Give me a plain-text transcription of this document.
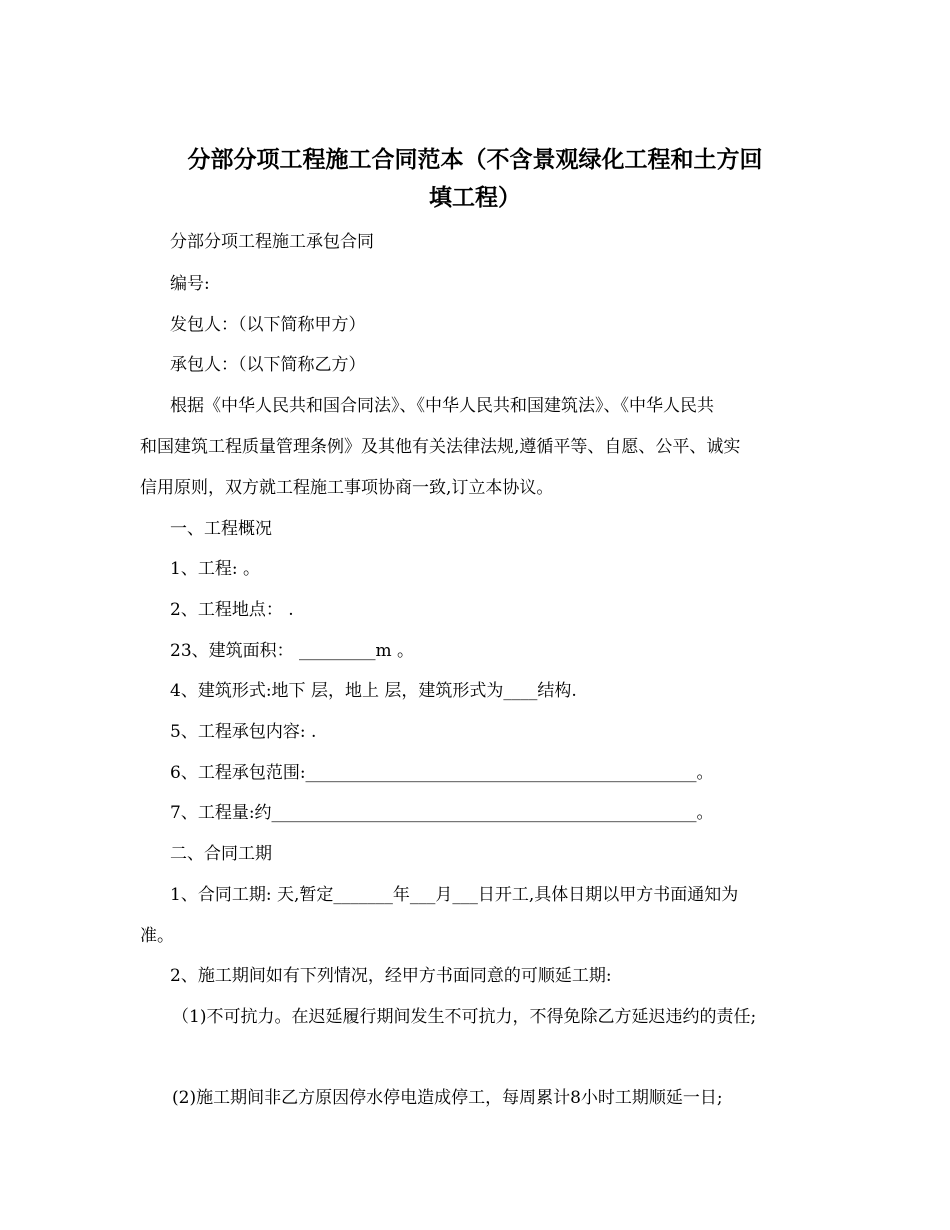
分部分项工程施工合同范本（不含景观绿化工程和土方回
填工程）

分部分项工程施工承包合同

编号:

发包人：（以下简称甲方）

承包人：（以下简称乙方）

根据《中华人民共和国合同法》、《中华人民共和国建筑法》、《中华人民共

和国建筑工程质量管理条例》及其他有关法律法规,遵循平等、自愿、公平、诚实

信用原则，双方就工程施工事项协商一致,订立本协议。

一、工程概况

1、工程: 。

2、工程地点： .

23、建筑面积： _________m 。

4、建筑形式:地下 层，地上 层，建筑形式为____结构.

5、工程承包内容: .

6、工程承包范围:______________________________________________。

7、工程量:约__________________________________________________。

二、合同工期

1、合同工期: 天,暂定_______年___月___日开工,具体日期以甲方书面通知为

准。

2、施工期间如有下列情况，经甲方书面同意的可顺延工期:

（1)不可抗力。在迟延履行期间发生不可抗力，不得免除乙方延迟违约的责任;

(2)施工期间非乙方原因停水停电造成停工，每周累计8小时工期顺延一日;
